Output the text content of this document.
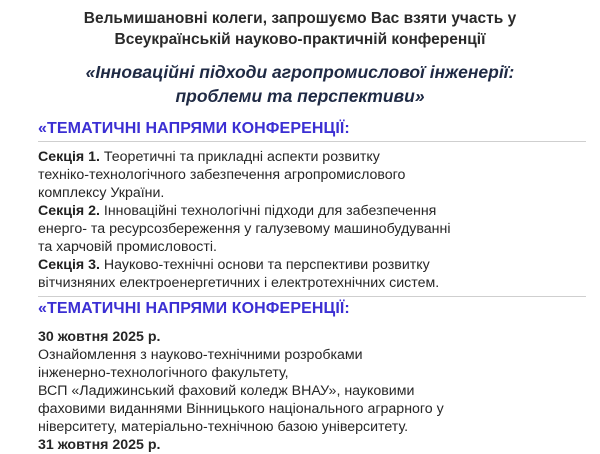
Вельмишановні колеги, запрошуємо Вас взяти участь у

Всеукраїнській науково-практичній конференції

«Інноваційні підходи агропромислової інженерії:

проблеми та перспективи»

«ТЕМАТИЧНІ НАПРЯМИ КОНФЕРЕНЦІЇ:

Секція 1. Теоретичні та прикладні аспекти розвитку

техніко-технологічного забезпечення агропромислового

комплексу України.

Секція 2. Інноваційні технологічні підходи для забезпечення

енерго- та ресурсозбереження у галузевому машинобудуванні

та харчовій промисловості.

Секція 3. Науково-технічні основи та перспективи розвитку

вітчизняних електроенергетичних і електротехнічних систем.

«ТЕМАТИЧНІ НАПРЯМИ КОНФЕРЕНЦІЇ:

30 жовтня 2025 р.

Ознайомлення з науково-технічними розробками

інженерно-технологічного факультету,

ВСП «Ладижинський фаховий коледж ВНАУ», науковими

фаховими виданнями Вінницького національного аграрного у

ніверситету, матеріально-технічною базою університету.

31 жовтня 2025 р.
